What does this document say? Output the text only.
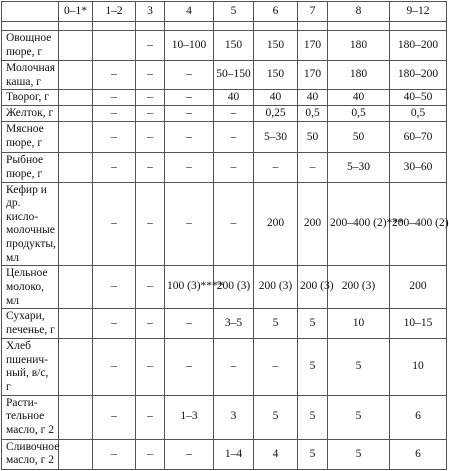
	0–1*	1–2	3	4	5	6	7	8	9–12

Овощное пюре, г			–	10–100	150	150	170	180	180–200
Молочная каша, г		–	–	–	50–150	150	170	180	180–200
Творог, г		–	–	–	40	40	40	40	40–50
Желток, г		–	–	–	–	0,25	0,5	0,5	0,5
Мясное пюре, г		–	–	–	–	5–30	50	50	60–70
Рыбное пюре, г		–	–	–	–	–	–	5–30	30–60
Кефир и др. кисло-молочные продукты, мл		–	–	–	–	200	200	200–400 (2)***	200–400 (2)
Цельное молоко, мл		–	–	100 (3)****	200 (3)	200 (3)	200 (3)	200 (3)	200
Сухари, печенье, г		–	–	–	3–5	5	5	10	10–15
Хлеб пшенич-ный, в/с, г		–	–	–	–	–	5	5	10
Расти-тельное масло, г 2		–	–	1–3	3	5	5	5	6
Сливочное масло, г 2		–	–	–	1–4	4	5	5	6
